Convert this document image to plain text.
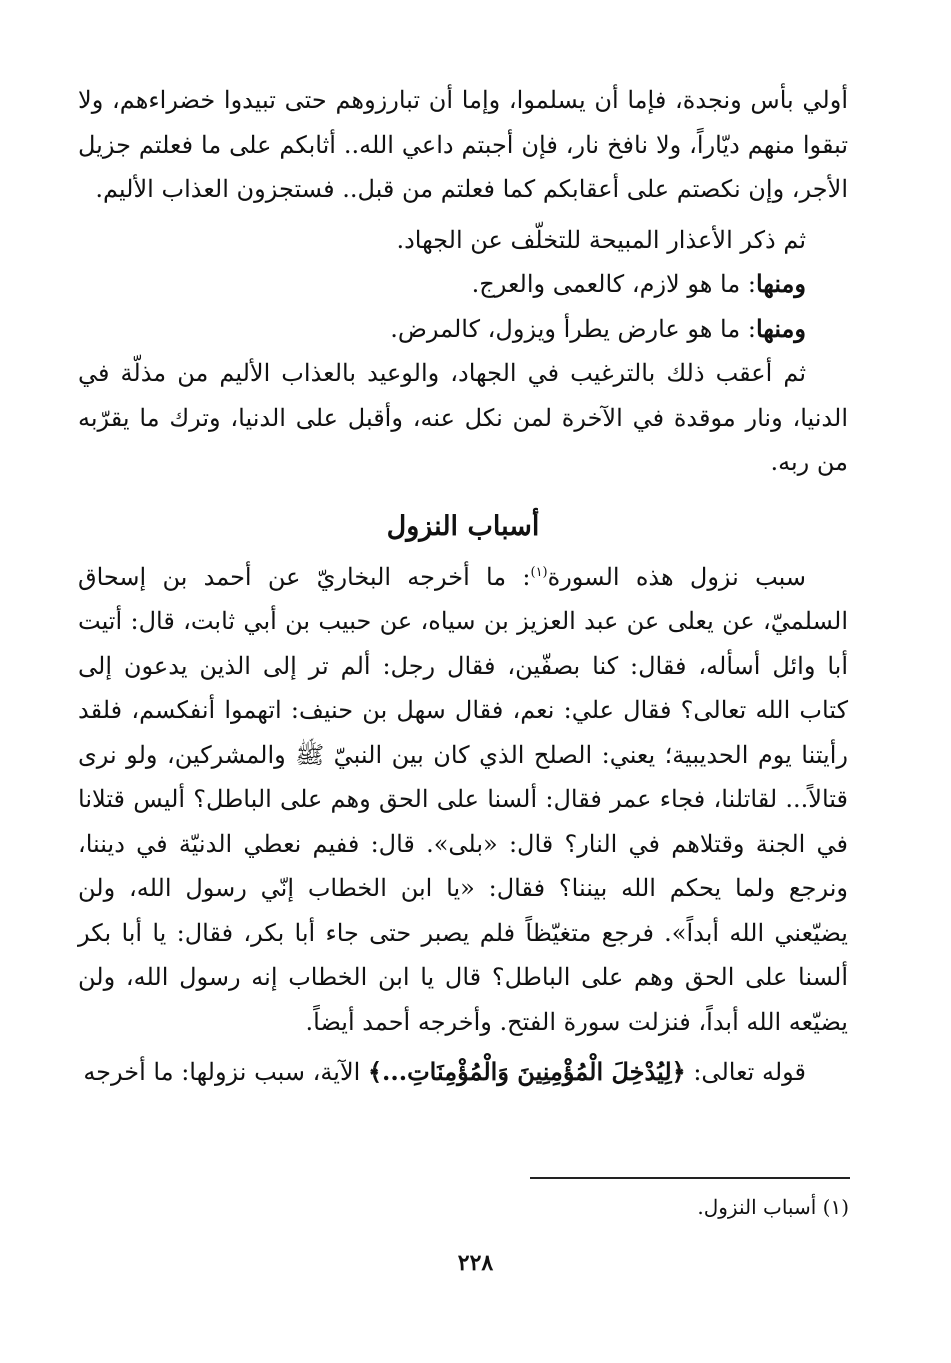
أولي بأس ونجدة، فإما أن يسلموا، وإما أن تبارزوهم حتى تبيدوا خضراءهم، ولا تبقوا منهم ديّاراً، ولا نافخ نار، فإن أجبتم داعي الله.. أثابكم على ما فعلتم جزيل الأجر، وإن نكصتم على أعقابكم كما فعلتم من قبل.. فستجزون العذاب الأليم.

ثم ذكر الأعذار المبيحة للتخلّف عن الجهاد.

ومنها: ما هو لازم، كالعمى والعرج.

ومنها: ما هو عارض يطرأ ويزول، كالمرض.

ثم أعقب ذلك بالترغيب في الجهاد، والوعيد بالعذاب الأليم من مذلّة في الدنيا، ونار موقدة في الآخرة لمن نكل عنه، وأقبل على الدنيا، وترك ما يقرّبه من ربه.

أسباب النزول

سبب نزول هذه السورة$^{(١)}$: ما أخرجه البخاريّ عن أحمد بن إسحاق السلميّ، عن يعلى عن عبد العزيز بن سياه، عن حبيب بن أبي ثابت، قال: أتيت أبا وائل أسأله، فقال: كنا بصفّين، فقال رجل: ألم تر إلى الذين يدعون إلى كتاب الله تعالى؟ فقال علي: نعم، فقال سهل بن حنيف: اتهموا أنفكسم، فلقد رأيتنا يوم الحديبية؛ يعني: الصلح الذي كان بين النبيّ ﷺ والمشركين، ولو نرى قتالاً... لقاتلنا، فجاء عمر فقال: ألسنا على الحق وهم على الباطل؟ أليس قتلانا في الجنة وقتلاهم في النار؟ قال: «بلى». قال: ففيم نعطي الدنيّة في ديننا، ونرجع ولما يحكم الله بيننا؟ فقال: «يا ابن الخطاب إنّي رسول الله، ولن يضيّعني الله أبداً». فرجع متغيّظاً فلم يصبر حتى جاء أبا بكر، فقال: يا أبا بكر ألسنا على الحق وهم على الباطل؟ قال يا ابن الخطاب إنه رسول الله، ولن يضيّعه الله أبداً، فنزلت سورة الفتح. وأخرجه أحمد أيضاً.

قوله تعالى: ﴿لِيُدْخِلَ الْمُؤْمِنِينَ وَالْمُؤْمِنَاتِ...﴾ الآية، سبب نزولها: ما أخرجه

(١) أسباب النزول.
٢٢٨
